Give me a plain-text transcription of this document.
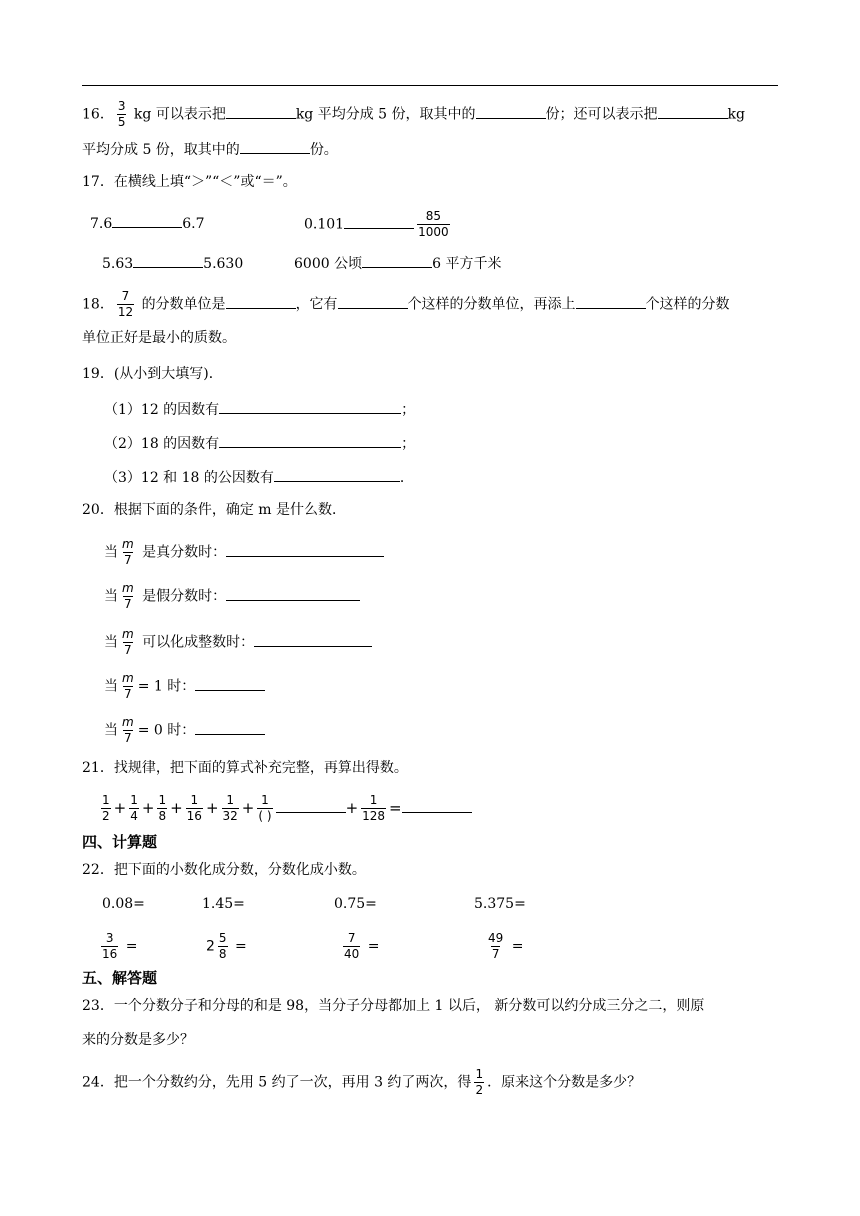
16． $\frac{3}{5}$ kg 可以表示把	kg 平均分成 5 份，取其中的	份；还可以表示把	kg
平均分成 5 份，取其中的	份。
17．在横线上填“＞”“＜”或“＝”。
7.6	6.7	0.101	$\frac{85}{1000}$
5.63	5.630	6000 公顷	6 平方千米
18． $\frac{7}{12}$ 的分数单位是	，它有	个这样的分数单位，再添上	个这样的分数
单位正好是最小的质数。
19．(从小到大填写)．
（1）12 的因数有	；
（2）18 的因数有	；
（3）12 和 18 的公因数有	．
20．根据下面的条件，确定 m 是什么数．
当 $\frac{m}{7}$ 是真分数时：
当 $\frac{m}{7}$ 是假分数时：
当 $\frac{m}{7}$ 可以化成整数时：
当 $\frac{m}{7} = 1$ 时：
当 $\frac{m}{7} = 0$ 时：
21．找规律，把下面的算式补充完整，再算出得数。
$\frac{1}{2} + \frac{1}{4} + \frac{1}{8} + \frac{1}{16} + \frac{1}{32} + \frac{1}{( )}$	+ $\frac{1}{128}$ =
四、计算题
22．把下面的小数化成分数，分数化成小数。
0.08=	1.45=	0.75=	5.375=
$\frac{3}{16}$ =	$2 \frac{5}{8}$ =	$\frac{7}{40}$ =	$\frac{49}{7}$ =
五、解答题
23．一个分数分子和分母的和是 98，当分子分母都加上 1 以后， 新分数可以约分成三分之二，则原
来的分数是多少？
24．把一个分数约分，先用 5 约了一次，再用 3 约了两次，得 $\frac{1}{2}$ ．原来这个分数是多少？
